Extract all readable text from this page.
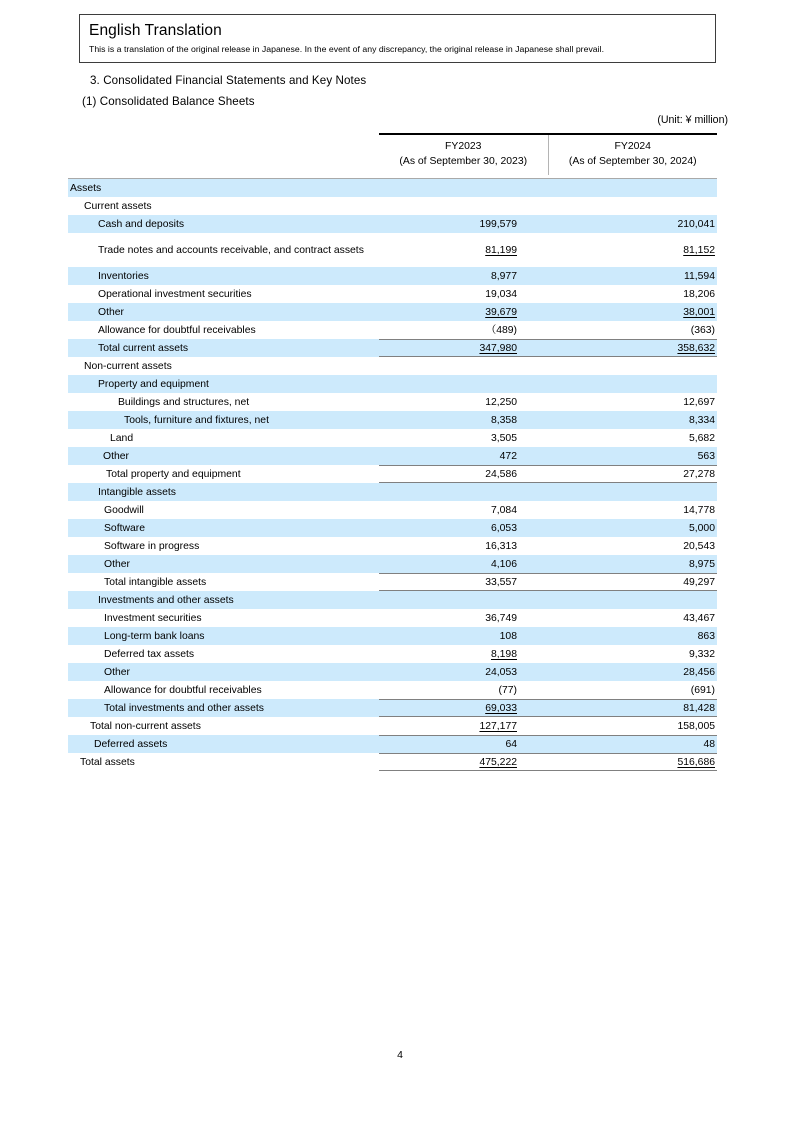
English Translation
This is a translation of the original release in Japanese. In the event of any discrepancy, the original release in Japanese shall prevail.
3. Consolidated Financial Statements and Key Notes
(1) Consolidated Balance Sheets
(Unit: ¥ million)

FY2023
(As of September 30, 2023)

FY2024
(As of September 30, 2024)

Assets		
Current assets		
Cash and deposits	199,579	210,041

Trade notes and accounts receivable, and contract assets	81,199	81,152
Inventories	8,977	11,594
Operational investment securities	19,034	18,206
Other	39,679	38,001
Allowance for doubtful receivables	（489)	(363)
Total current assets	347,980	358,632
Non-current assets		
Property and equipment		
Buildings and structures, net	12,250	12,697
Tools, furniture and fixtures, net	8,358	8,334
Land	3,505	5,682
Other	472	563
Total property and equipment	24,586	27,278
Intangible assets		
Goodwill	7,084	14,778
Software	6,053	5,000
Software in progress	16,313	20,543
Other	4,106	8,975
Total intangible assets	33,557	49,297
Investments and other assets		
Investment securities	36,749	43,467
Long-term bank loans	108	863
Deferred tax assets	8,198	9,332
Other	24,053	28,456
Allowance for doubtful receivables	(77)	(691)
Total investments and other assets	69,033	81,428
Total non-current assets	127,177	158,005
Deferred assets	64	48
Total assets	475,222	516,686
4
